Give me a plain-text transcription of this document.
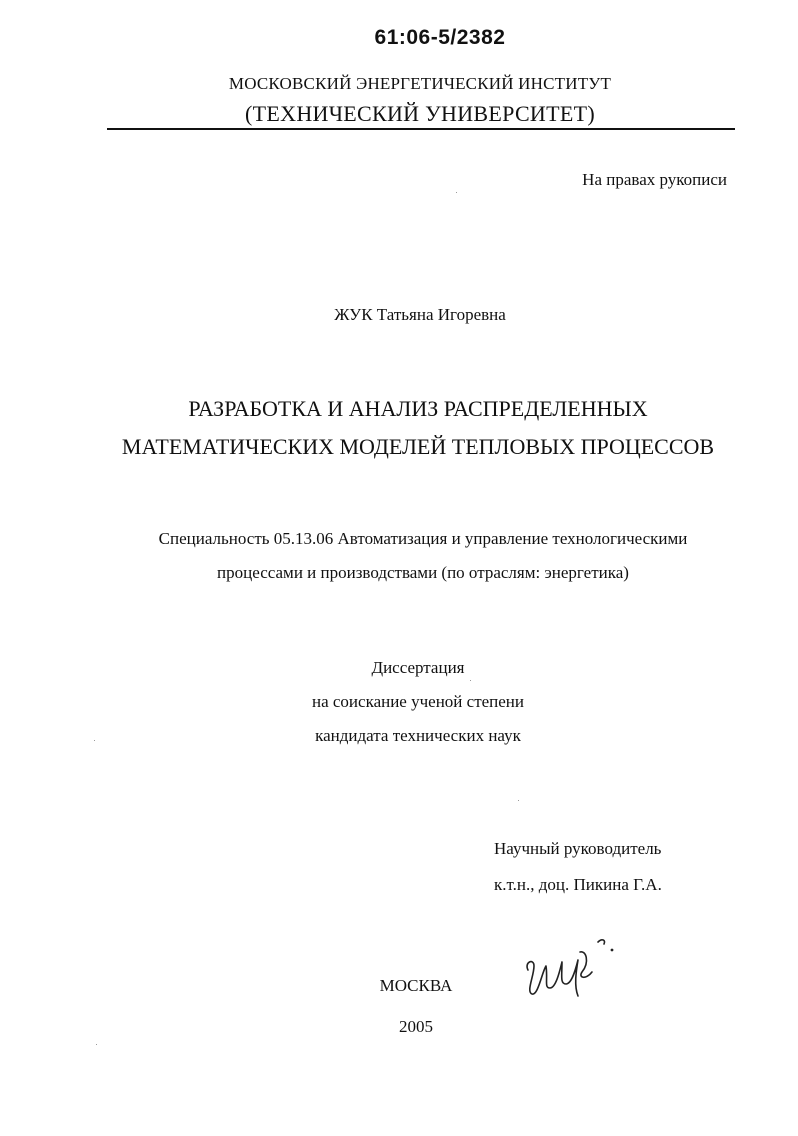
61:06-5/2382
МОСКОВСКИЙ ЭНЕРГЕТИЧЕСКИЙ ИНСТИТУТ
(ТЕХНИЧЕСКИЙ УНИВЕРСИТЕТ)
На правах рукописи
ЖУК Татьяна Игоревна
РАЗРАБОТКА И АНАЛИЗ РАСПРЕДЕЛЕННЫХ
МАТЕМАТИЧЕСКИХ МОДЕЛЕЙ ТЕПЛОВЫХ ПРОЦЕССОВ
Специальность 05.13.06 Автоматизация и управление технологическими
процессами и производствами (по отраслям: энергетика)
Диссертация
на соискание ученой степени
кандидата технических наук
Научный руководитель
к.т.н., доц. Пикина Г.А.
МОСКВА
2005
